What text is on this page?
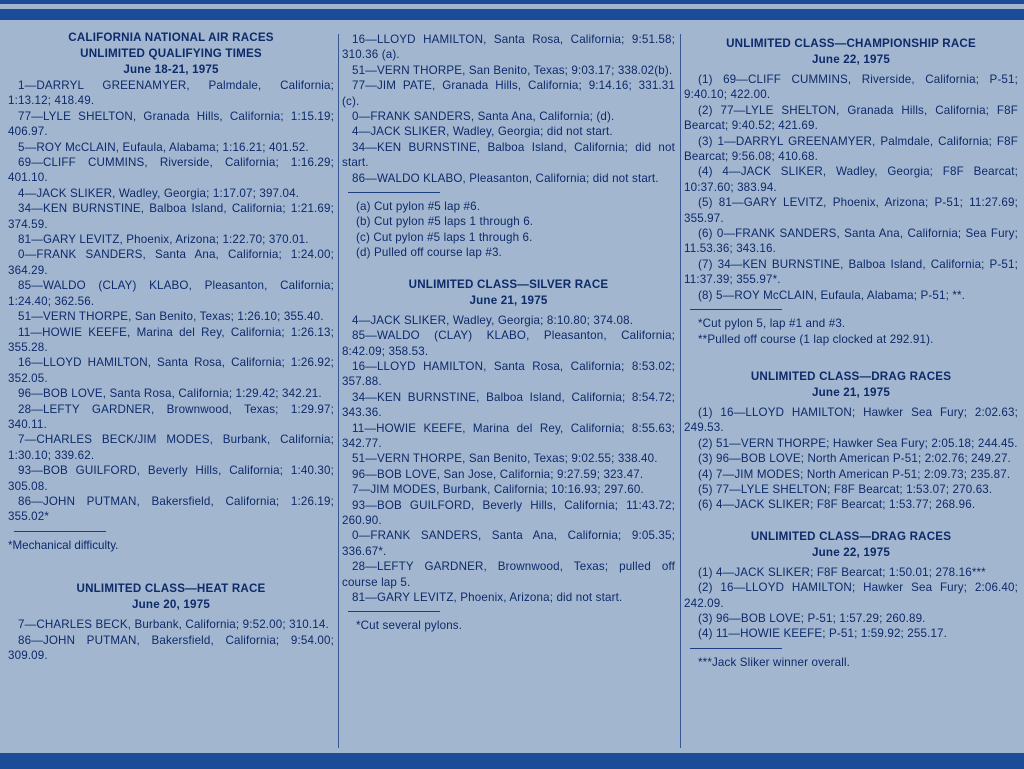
CALIFORNIA NATIONAL AIR RACES
UNLIMITED QUALIFYING TIMES
June 18-21, 1975
1—DARRYL GREENAMYER, Palmdale, California; 1:13.12; 418.49.
77—LYLE SHELTON, Granada Hills, California; 1:15.19; 406.97.
5—ROY McCLAIN, Eufaula, Alabama; 1:16.21; 401.52.
69—CLIFF CUMMINS, Riverside, California; 1:16.29; 401.10.
4—JACK SLIKER, Wadley, Georgia; 1:17.07; 397.04.
34—KEN BURNSTINE, Balboa Island, California; 1:21.69; 374.59.
81—GARY LEVITZ, Phoenix, Arizona; 1:22.70; 370.01.
0—FRANK SANDERS, Santa Ana, California; 1:24.00; 364.29.
85—WALDO (CLAY) KLABO, Pleasanton, California; 1:24.40; 362.56.
51—VERN THORPE, San Benito, Texas; 1:26.10; 355.40.
11—HOWIE KEEFE, Marina del Rey, California; 1:26.13; 355.28.
16—LLOYD HAMILTON, Santa Rosa, California; 1:26.92; 352.05.
96—BOB LOVE, Santa Rosa, California; 1:29.42; 342.21.
28—LEFTY GARDNER, Brownwood, Texas; 1:29.97; 340.11.
7—CHARLES BECK/JIM MODES, Burbank, California; 1:30.10; 339.62.
93—BOB GUILFORD, Beverly Hills, California; 1:40.30; 305.08.
86—JOHN PUTMAN, Bakersfield, California; 1:26.19; 355.02*
*Mechanical difficulty.
UNLIMITED CLASS—HEAT RACE
June 20, 1975
7—CHARLES BECK, Burbank, California; 9:52.00; 310.14.
86—JOHN PUTMAN, Bakersfield, California; 9:54.00; 309.09.
16—LLOYD HAMILTON, Santa Rosa, California; 9:51.58; 310.36 (a).
51—VERN THORPE, San Benito, Texas; 9:03.17; 338.02(b).
77—JIM PATE, Granada Hills, California; 9:14.16; 331.31 (c).
0—FRANK SANDERS, Santa Ana, California; (d).
4—JACK SLIKER, Wadley, Georgia; did not start.
34—KEN BURNSTINE, Balboa Island, California; did not start.
86—WALDO KLABO, Pleasanton, California; did not start.
(a) Cut pylon #5 lap #6.
(b) Cut pylon #5 laps 1 through 6.
(c) Cut pylon #5 laps 1 through 6.
(d) Pulled off course lap #3.
UNLIMITED CLASS—SILVER RACE
June 21, 1975
4—JACK SLIKER, Wadley, Georgia; 8:10.80; 374.08.
85—WALDO (CLAY) KLABO, Pleasanton, California; 8:42.09; 358.53.
16—LLOYD HAMILTON, Santa Rosa, California; 8:53.02; 357.88.
34—KEN BURNSTINE, Balboa Island, California; 8:54.72; 343.36.
11—HOWIE KEEFE, Marina del Rey, California; 8:55.63; 342.77.
51—VERN THORPE, San Benito, Texas; 9:02.55; 338.40.
96—BOB LOVE, San Jose, California; 9:27.59; 323.47.
7—JIM MODES, Burbank, California; 10:16.93; 297.60.
93—BOB GUILFORD, Beverly Hills, California; 11:43.72; 260.90.
0—FRANK SANDERS, Santa Ana, California; 9:05.35; 336.67*.
28—LEFTY GARDNER, Brownwood, Texas; pulled off course lap 5.
81—GARY LEVITZ, Phoenix, Arizona; did not start.
*Cut several pylons.
UNLIMITED CLASS—CHAMPIONSHIP RACE
June 22, 1975
(1) 69—CLIFF CUMMINS, Riverside, California; P-51; 9:40.10; 422.00.
(2) 77—LYLE SHELTON, Granada Hills, California; F8F Bearcat; 9:40.52; 421.69.
(3) 1—DARRYL GREENAMYER, Palmdale, California; F8F Bearcat; 9:56.08; 410.68.
(4) 4—JACK SLIKER, Wadley, Georgia; F8F Bearcat; 10:37.60; 383.94.
(5) 81—GARY LEVITZ, Phoenix, Arizona; P-51; 11:27.69; 355.97.
(6) 0—FRANK SANDERS, Santa Ana, California; Sea Fury; 11.53.36; 343.16.
(7) 34—KEN BURNSTINE, Balboa Island, California; P-51; 11:37.39; 355.97*.
(8) 5—ROY McCLAIN, Eufaula, Alabama; P-51; **.
*Cut pylon 5, lap #1 and #3.
**Pulled off course (1 lap clocked at 292.91).
UNLIMITED CLASS—DRAG RACES
June 21, 1975
(1) 16—LLOYD HAMILTON; Hawker Sea Fury; 2:02.63; 249.53.
(2) 51—VERN THORPE; Hawker Sea Fury; 2:05.18; 244.45.
(3) 96—BOB LOVE; North American P-51; 2:02.76; 249.27.
(4) 7—JIM MODES; North American P-51; 2:09.73; 235.87.
(5) 77—LYLE SHELTON; F8F Bearcat; 1:53.07; 270.63.
(6) 4—JACK SLIKER; F8F Bearcat; 1:53.77; 268.96.
UNLIMITED CLASS—DRAG RACES
June 22, 1975
(1) 4—JACK SLIKER; F8F Bearcat; 1:50.01; 278.16***
(2) 16—LLOYD HAMILTON; Hawker Sea Fury; 2:06.40; 242.09.
(3) 96—BOB LOVE; P-51; 1:57.29; 260.89.
(4) 11—HOWIE KEEFE; P-51; 1:59.92; 255.17.
***Jack Sliker winner overall.
